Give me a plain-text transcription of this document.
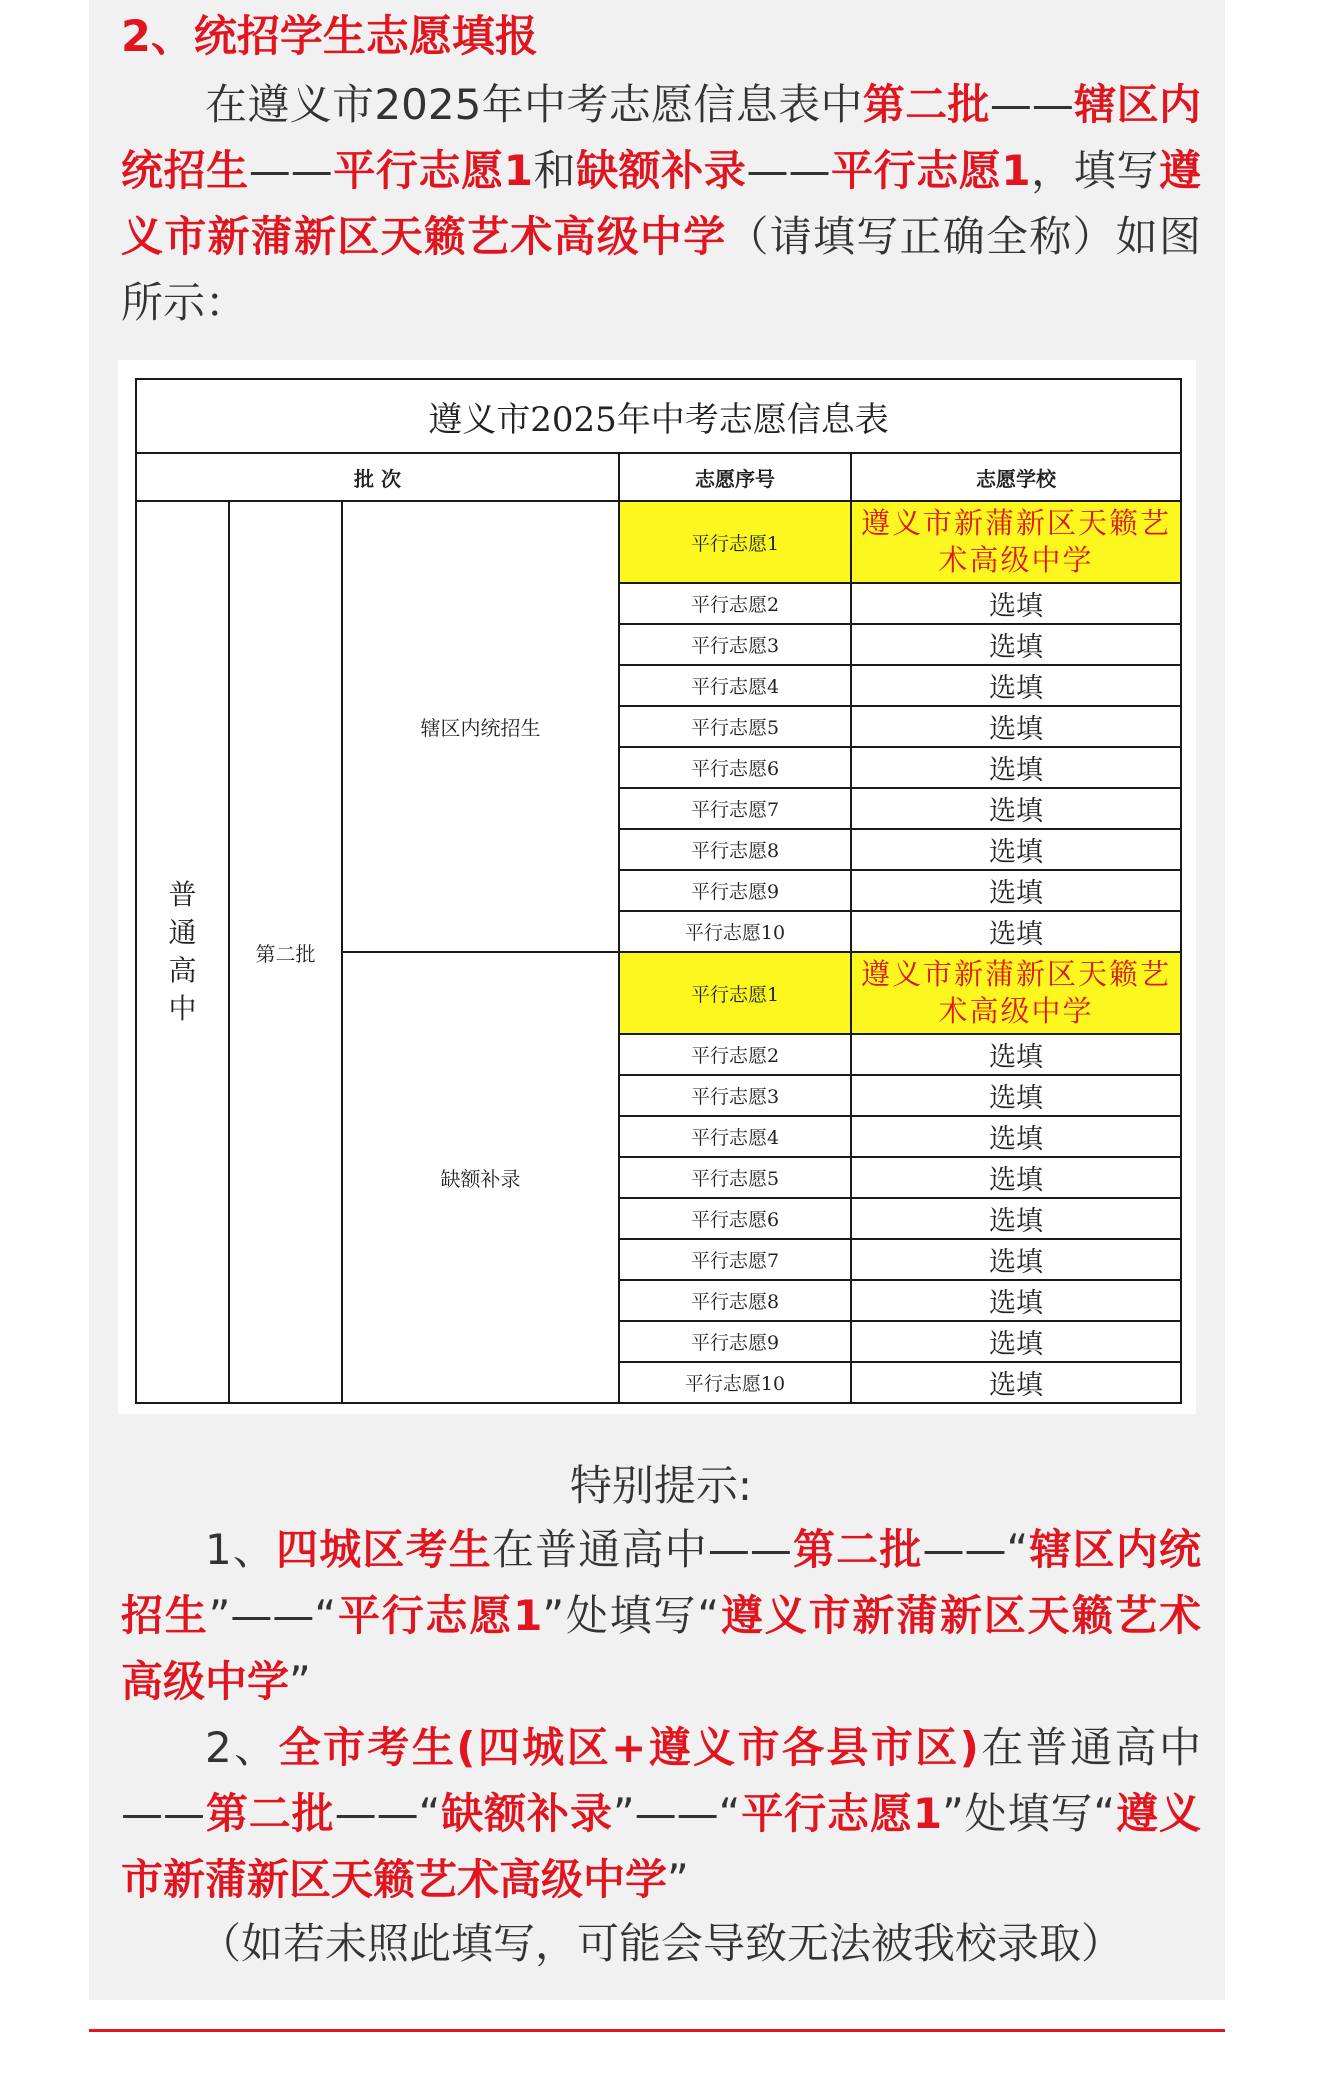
2、统招学生志愿填报
在遵义市2025年中考志愿信息表中第二批——辖区内统招生——平行志愿1和缺额补录——平行志愿1，填写遵义市新蒲新区天籁艺术高级中学（请填写正确全称）如图所示：
遵义市2025年中考志愿信息表				
批 次			志愿序号	志愿学校
普通高中	第二批	辖区内统招生	平行志愿1	遵义市新蒲新区天籁艺术高级中学
			平行志愿2	选填
			平行志愿3	选填
			平行志愿4	选填
			平行志愿5	选填
			平行志愿6	选填
			平行志愿7	选填
			平行志愿8	选填
			平行志愿9	选填
			平行志愿10	选填
		缺额补录	平行志愿1	遵义市新蒲新区天籁艺术高级中学
			平行志愿2	选填
			平行志愿3	选填
			平行志愿4	选填
			平行志愿5	选填
			平行志愿6	选填
			平行志愿7	选填
			平行志愿8	选填
			平行志愿9	选填
			平行志愿10	选填
特别提示:
1、四城区考生在普通高中——第二批——“辖区内统招生”——“平行志愿1”处填写“遵义市新蒲新区天籁艺术高级中学”
2、全市考生(四城区+遵义市各县市区)在普通高中——第二批——“缺额补录”——“平行志愿1”处填写“遵义市新蒲新区天籁艺术高级中学”
（如若未照此填写，可能会导致无法被我校录取）
